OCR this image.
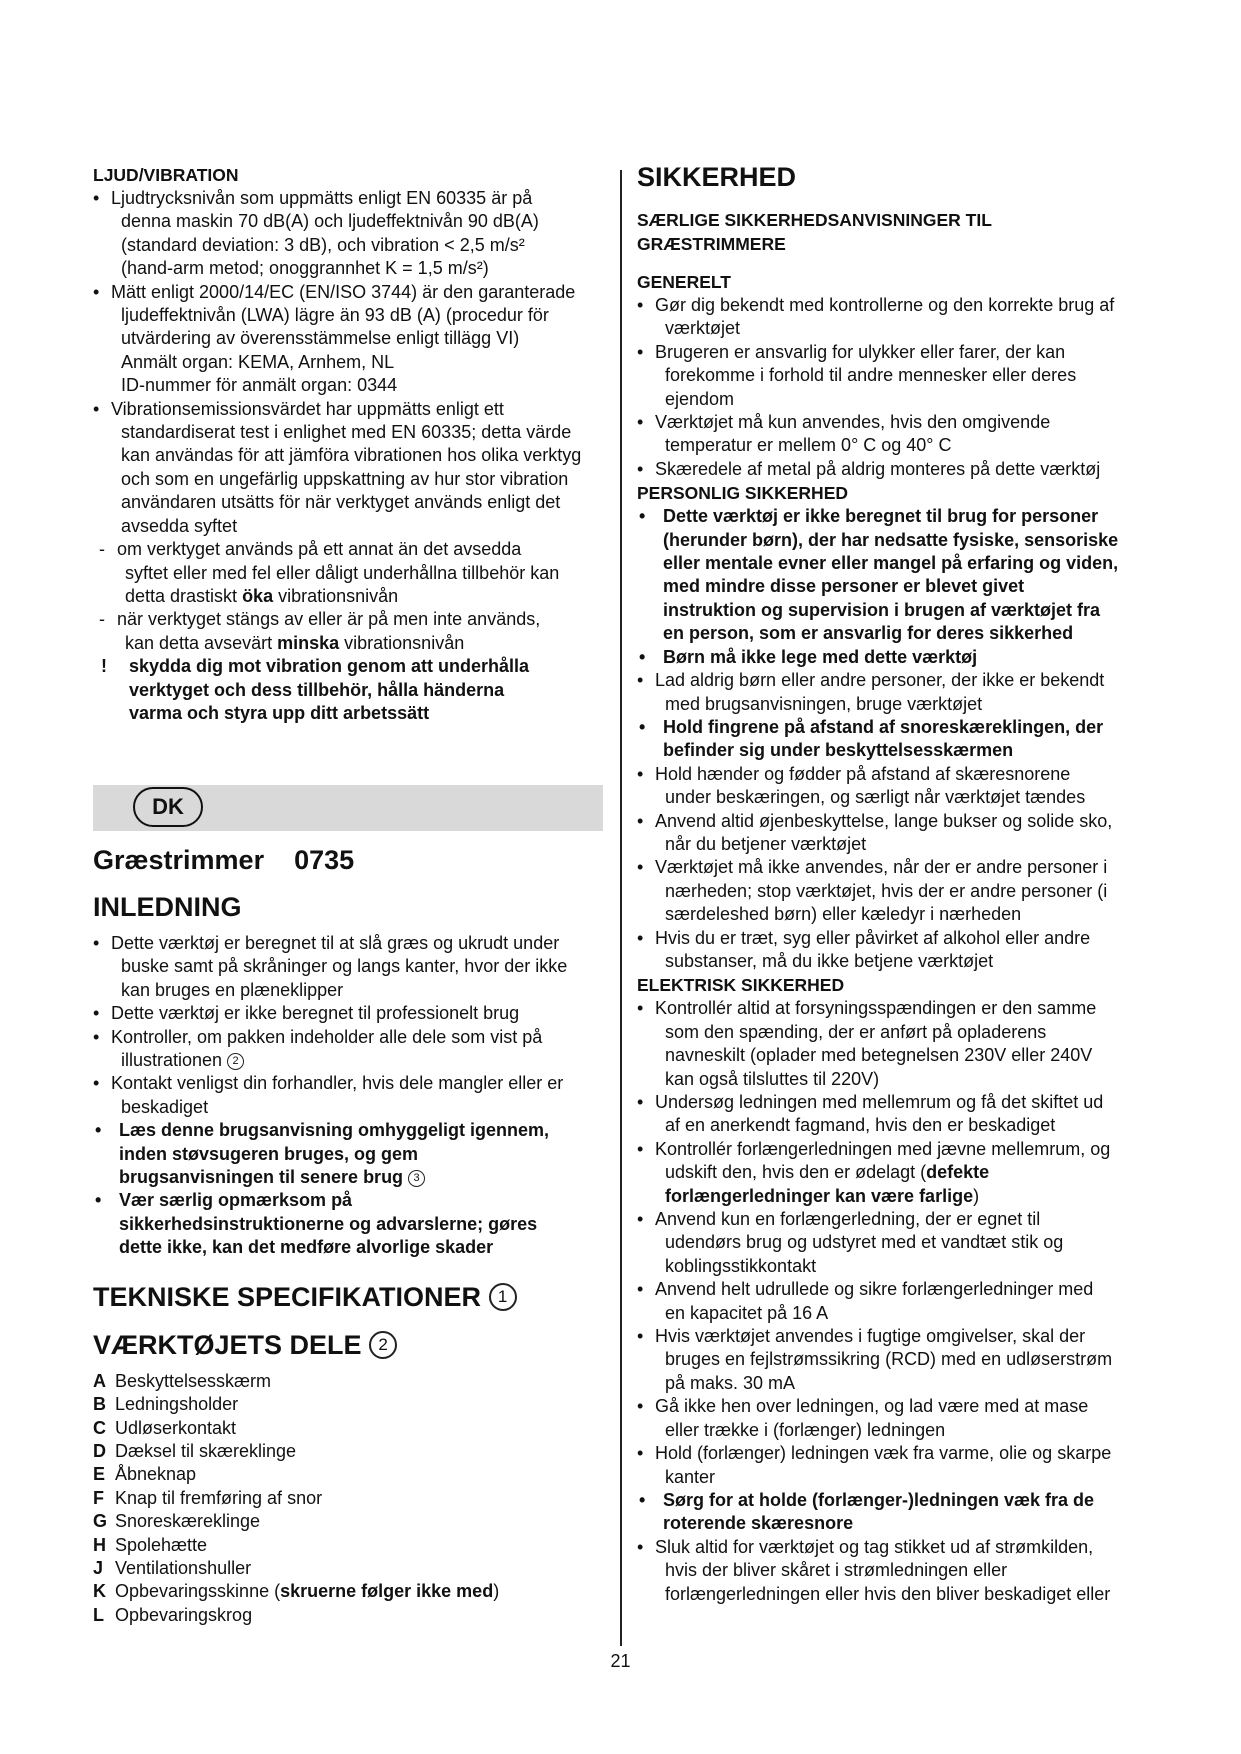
LJUD/VIBRATION

• Ljudtrycksnivån som uppmätts enligt EN 60335 är på
denna maskin 70 dB(A) och ljudeffektnivån 90 dB(A)
(standard deviation: 3 dB), och vibration < 2,5 m/s²
(hand-arm metod; onoggrannhet K = 1,5 m/s²)
• Mätt enligt 2000/14/EC (EN/ISO 3744) är den garanterade
ljudeffektnivån (LWA) lägre än 93 dB (A) (procedur för
utvärdering av överensstämmelse enligt tillägg VI)
Anmält organ: KEMA, Arnhem, NL
ID-nummer för anmält organ: 0344
• Vibrationsemissionsvärdet har uppmätts enligt ett
standardiserat test i enlighet med EN 60335; detta värde
kan användas för att jämföra vibrationen hos olika verktyg
och som en ungefärlig uppskattning av hur stor vibration
användaren utsätts för när verktyget används enligt det
avsedda syftet
- om verktyget används på ett annat än det avsedda
syftet eller med fel eller dåligt underhållna tillbehör kan
detta drastiskt öka vibrationsnivån
- när verktyget stängs av eller är på men inte används,
kan detta avsevärt minska vibrationsnivån
! skydda dig mot vibration genom att underhålla
verktyget och dess tillbehör, hålla händerna
varma och styra upp ditt arbetssätt
DK

Græstrimmer    0735

INLEDNING

• Dette værktøj er beregnet til at slå græs og ukrudt under
buske samt på skråninger og langs kanter, hvor der ikke
kan bruges en plæneklipper
• Dette værktøj er ikke beregnet til professionelt brug
• Kontroller, om pakken indeholder alle dele som vist på
illustrationen 2
• Kontakt venligst din forhandler, hvis dele mangler eller er
beskadiget
• Læs denne brugsanvisning omhyggeligt igennem,
inden støvsugeren bruges, og gem
brugsanvisningen til senere brug 3
• Vær særlig opmærksom på
sikkerhedsinstruktionerne og advarslerne; gøres
dette ikke, kan det medføre alvorlige skader

TEKNISKE SPECIFIKATIONER 1

VÆRKTØJETS DELE 2

A Beskyttelsesskærm
B Ledningsholder
C Udløserkontakt
D Dæksel til skæreklinge
E Åbneknap
F Knap til fremføring af snor
G Snoreskæreklinge
H Spolehætte
J Ventilationshuller
K Opbevaringsskinne (skruerne følger ikke med)
L Opbevaringskrog

SIKKERHED

SÆRLIGE SIKKERHEDSANVISNINGER TIL
GRÆSTRIMMERE

GENERELT

• Gør dig bekendt med kontrollerne og den korrekte brug af
værktøjet
• Brugeren er ansvarlig for ulykker eller farer, der kan
forekomme i forhold til andre mennesker eller deres
ejendom
• Værktøjet må kun anvendes, hvis den omgivende
temperatur er mellem 0° C og 40° C
• Skæredele af metal på aldrig monteres på dette værktøj

PERSONLIG SIKKERHED

• Dette værktøj er ikke beregnet til brug for personer
(herunder børn), der har nedsatte fysiske, sensoriske
eller mentale evner eller mangel på erfaring og viden,
med mindre disse personer er blevet givet
instruktion og supervision i brugen af værktøjet fra
en person, som er ansvarlig for deres sikkerhed
• Børn må ikke lege med dette værktøj
• Lad aldrig børn eller andre personer, der ikke er bekendt
med brugsanvisningen, bruge værktøjet
• Hold fingrene på afstand af snoreskæreklingen, der
befinder sig under beskyttelsesskærmen
• Hold hænder og fødder på afstand af skæresnorene
under beskæringen, og særligt når værktøjet tændes
• Anvend altid øjenbeskyttelse, lange bukser og solide sko,
når du betjener værktøjet
• Værktøjet må ikke anvendes, når der er andre personer i
nærheden; stop værktøjet, hvis der er andre personer (i
særdeleshed børn) eller kæledyr i nærheden
• Hvis du er træt, syg eller påvirket af alkohol eller andre
substanser, må du ikke betjene værktøjet

ELEKTRISK SIKKERHED

• Kontrollér altid at forsyningsspændingen er den samme
som den spænding, der er anført på opladerens
navneskilt (oplader med betegnelsen 230V eller 240V
kan også tilsluttes til 220V)
• Undersøg ledningen med mellemrum og få det skiftet ud
af en anerkendt fagmand, hvis den er beskadiget
• Kontrollér forlængerledningen med jævne mellemrum, og
udskift den, hvis den er ødelagt (defekte
forlængerledninger kan være farlige)
• Anvend kun en forlængerledning, der er egnet til
udendørs brug og udstyret med et vandtæt stik og
koblingsstikkontakt
• Anvend helt udrullede og sikre forlængerledninger med
en kapacitet på 16 A
• Hvis værktøjet anvendes i fugtige omgivelser, skal der
bruges en fejlstrømssikring (RCD) med en udløserstrøm
på maks. 30 mA
• Gå ikke hen over ledningen, og lad være med at mase
eller trække i (forlænger) ledningen
• Hold (forlænger) ledningen væk fra varme, olie og skarpe
kanter
• Sørg for at holde (forlænger-)ledningen væk fra de
roterende skæresnore
• Sluk altid for værktøjet og tag stikket ud af strømkilden,
hvis der bliver skåret i strømledningen eller
forlængerledningen eller hvis den bliver beskadiget eller
21
